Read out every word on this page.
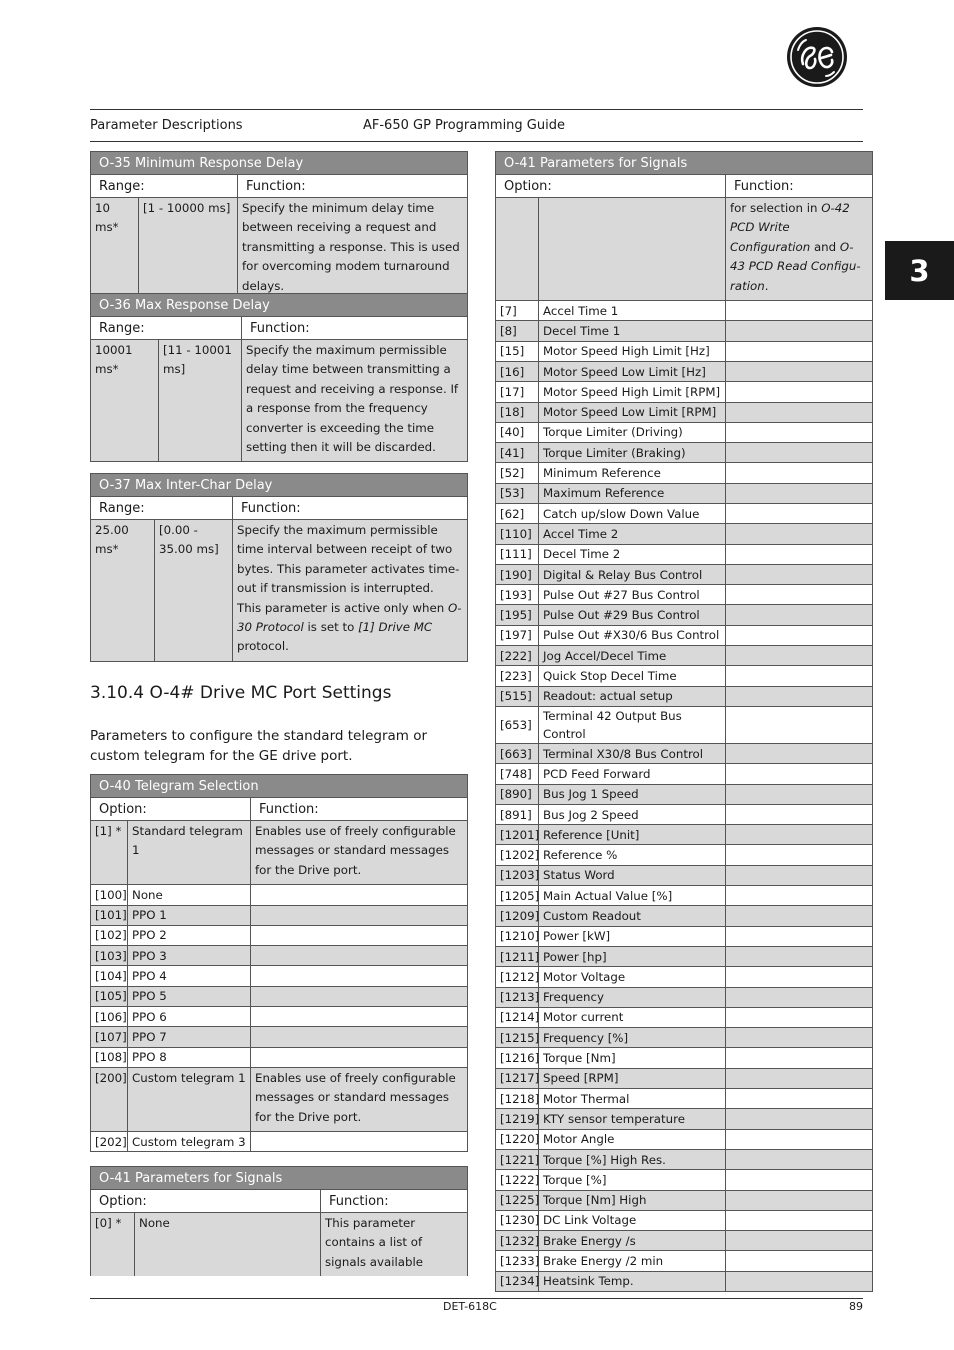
Parameter Descriptions	AF-650 GP Programming Guide
3
O-35 Minimum Response Delay		
Range:		Function:
10 ms*	[1 - 10000 ms]	Specify the minimum delay time between receiving a request and transmitting a response. This is used for overcoming modem turnaround delays.
O-36 Max Response Delay		
Range:		Function:
10001 ms*	[11 - 10001 ms]	Specify the maximum permissible delay time between transmitting a request and receiving a response. If a response from the frequency converter is exceeding the time setting then it will be discarded.
O-37 Max Inter-Char Delay		
Range:		Function:
25.00 ms*	[0.00 - 35.00 ms]	Specify the maximum permissible time interval between receipt of two bytes. This parameter activates time-out if transmission is interrupted.
This parameter is active only when O-30 Protocol is set to [1] Drive MC protocol.
3.10.4 O-4# Drive MC Port Settings
Parameters to configure the standard telegram or custom telegram for the GE drive port.
O-40 Telegram Selection		
Option:		Function:
[1] *	Standard telegram 1	Enables use of freely configurable messages or standard messages for the Drive port.
[100]	None	
[101]	PPO 1	
[102]	PPO 2	
[103]	PPO 3	
[104]	PPO 4	
[105]	PPO 5	
[106]	PPO 6	
[107]	PPO 7	
[108]	PPO 8	
[200]	Custom telegram 1	Enables use of freely configurable messages or standard messages for the Drive port.
[202]	Custom telegram 3	
O-41 Parameters for Signals		
Option:		Function:
[0] *	None	This parameter contains a list of signals available
O-41 Parameters for Signals		
Option:		Function:
		for selection in O-42 PCD Write Configuration and O-43 PCD Read Configu-ration.
[7]	Accel Time 1	
[8]	Decel Time 1	
[15]	Motor Speed High Limit [Hz]	
[16]	Motor Speed Low Limit [Hz]	
[17]	Motor Speed High Limit [RPM]	
[18]	Motor Speed Low Limit [RPM]	
[40]	Torque Limiter (Driving)	
[41]	Torque Limiter (Braking)	
[52]	Minimum Reference	
[53]	Maximum Reference	
[62]	Catch up/slow Down Value	
[110]	Accel Time 2	
[111]	Decel Time 2	
[190]	Digital & Relay Bus Control	
[193]	Pulse Out #27 Bus Control	
[195]	Pulse Out #29 Bus Control	
[197]	Pulse Out #X30/6 Bus Control	
[222]	Jog Accel/Decel Time	
[223]	Quick Stop Decel Time	
[515]	Readout: actual setup	
[653]	Terminal 42 Output Bus Control	
[663]	Terminal X30/8 Bus Control	
[748]	PCD Feed Forward	
[890]	Bus Jog 1 Speed	
[891]	Bus Jog 2 Speed	
[1201]	Reference [Unit]	
[1202]	Reference %	
[1203]	Status Word	
[1205]	Main Actual Value [%]	
[1209]	Custom Readout	
[1210]	Power [kW]	
[1211]	Power [hp]	
[1212]	Motor Voltage	
[1213]	Frequency	
[1214]	Motor current	
[1215]	Frequency [%]	
[1216]	Torque [Nm]	
[1217]	Speed [RPM]	
[1218]	Motor Thermal	
[1219]	KTY sensor temperature	
[1220]	Motor Angle	
[1221]	Torque [%] High Res.	
[1222]	Torque [%]	
[1225]	Torque [Nm] High	
[1230]	DC Link Voltage	
[1232]	Brake Energy /s	
[1233]	Brake Energy /2 min	
[1234]	Heatsink Temp.	
DET-618C	89
